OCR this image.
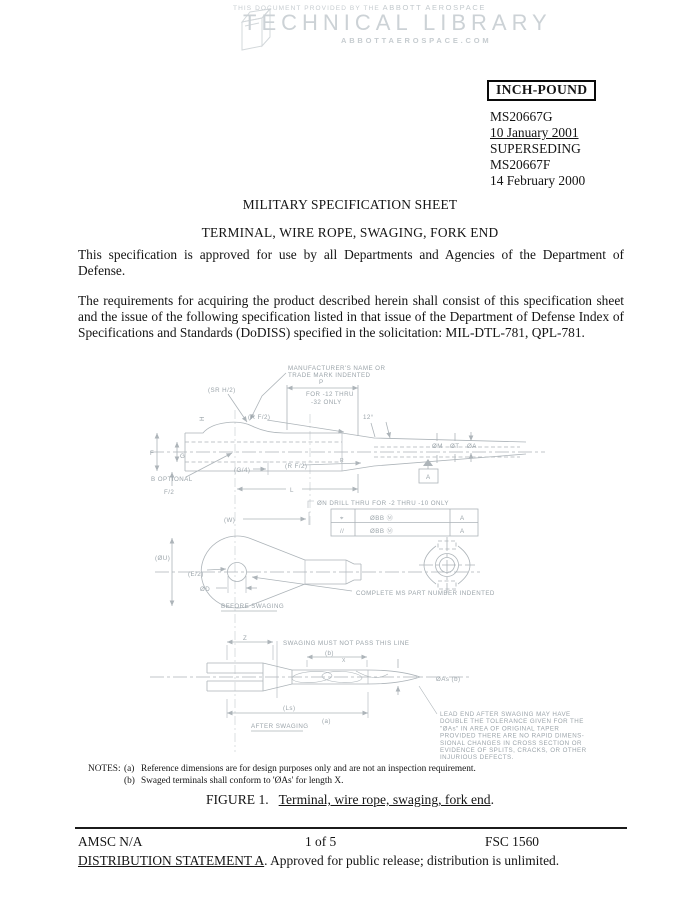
THIS DOCUMENT PROVIDED BY THE ABBOTT AEROSPACE
TECHNICAL LIBRARY
ABBOTTAEROSPACE.COM
INCH-POUND
MS20667G
10 January 2001
SUPERSEDING
MS20667F
14 February 2000
MILITARY SPECIFICATION SHEET
TERMINAL, WIRE ROPE, SWAGING, FORK END

This specification is approved for use by all Departments and Agencies of the Department of Defense.

The requirements for acquiring the product described herein shall consist of this specification sheet and the issue of the following specification listed in that issue of the Department of Defense Index of Specifications and Standards (DoDISS) specified in the solicitation: MIL-DTL-781, QPL-781.

MANUFACTURER'S NAME OR
TRADE MARK INDENTED
P
FOR -12 THRU
-32 ONLY
(SR H/2)
(R F/2)
(R F/2)
(G/4)
R
12°
ØM ØT ØA
A
B OPTIONAL
F	G
F/2
H
L
(W)
ØN DRILL THRU FOR -2 THRU -10 ONLY
⌖	ØBB Ⓜ	A
//	ØBB Ⓜ	A
(ØU)
(E/2)
ØD
COMPLETE MS PART NUMBER INDENTED
BEFORE SWAGING
Z
SWAGING MUST NOT PASS THIS LINE
(b)
X
ØAs (b)
(Ls)
(a)
AFTER SWAGING
LEAD END AFTER SWAGING MAY HAVE
DOUBLE THE TOLERANCE GIVEN FOR THE
"ØAs" IN AREA OF ORIGINAL TAPER
PROVIDED THERE ARE NO RAPID DIMENS-
SIONAL CHANGES IN CROSS SECTION OR
EVIDENCE OF SPLITS, CRACKS, OR OTHER
INJURIOUS DEFECTS.
NOTES: (a) Reference dimensions are for design purposes only and are not an inspection requirement.
(b) Swaged terminals shall conform to 'ØAs' for length X.
FIGURE 1. Terminal, wire rope, swaging, fork end.
AMSC N/A	1 of 5	FSC 1560
DISTRIBUTION STATEMENT A. Approved for public release; distribution is unlimited.
